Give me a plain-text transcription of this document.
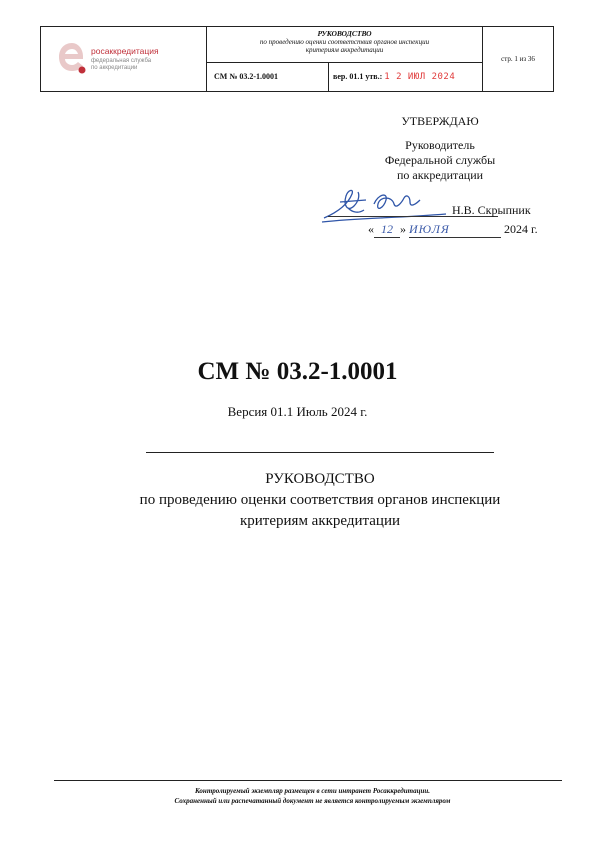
росаккредитация
федеральная служба
по аккредитации
РУКОВОДСТВО
по проведению оценки соответствия органов инспекции
критериям аккредитации
СМ № 03.2-1.0001	вер. 01.1 утв.: 1 2 ИЮЛ 2024
стр. 1 из 36
УТВЕРЖДАЮ
Руководитель
Федеральной службы
по аккредитации
Н.В. Скрыпник
« 12 » ИЮЛЯ	2024 г.
СМ № 03.2-1.0001
Версия 01.1 Июль 2024 г.
РУКОВОДСТВО
по проведению оценки соответствия органов инспекции
критериям аккредитации
Контролируемый экземпляр размещен в сети интранет Росаккредитации.
Сохраненный или распечатанный документ не является контролируемым экземпляром
